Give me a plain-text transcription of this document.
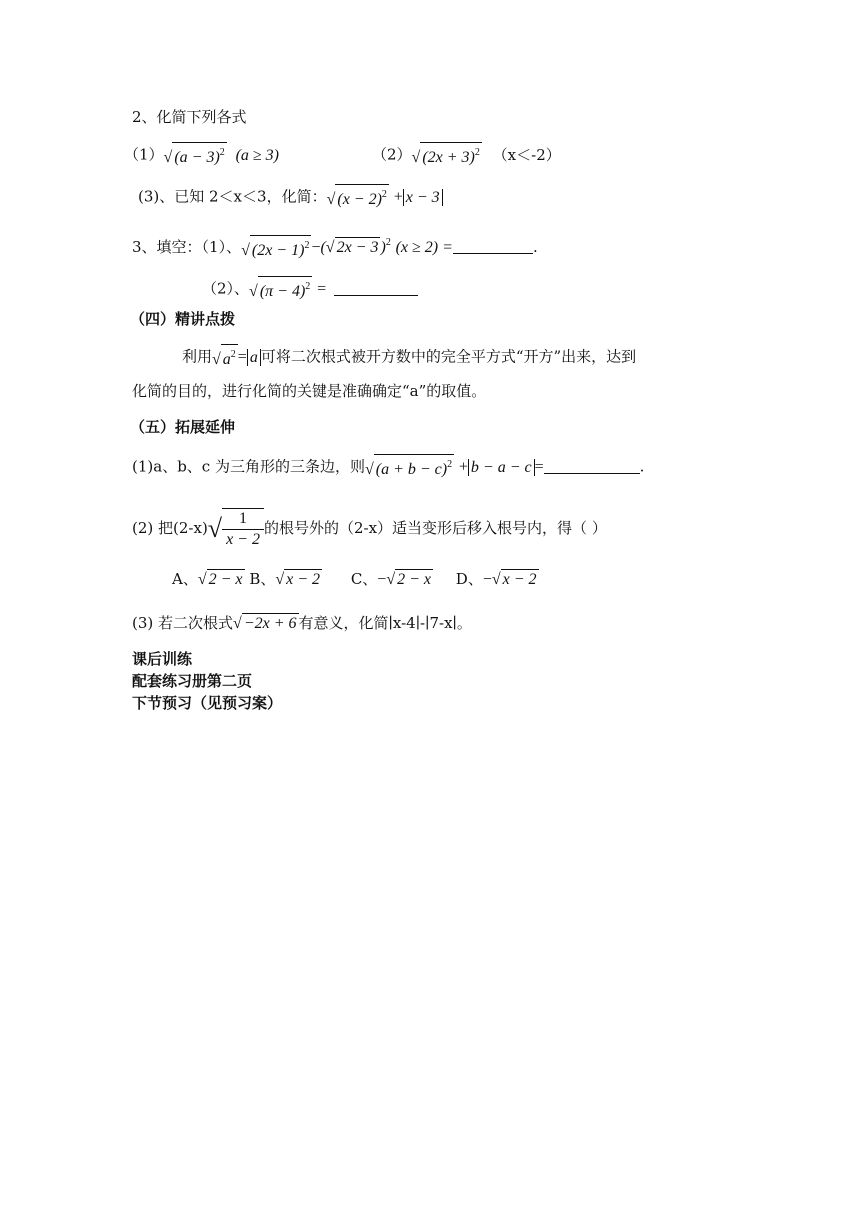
2、化简下列各式
（1）√ $(a - 3)^2$ (a ≥ 3)	（2）√ $(2x + 3)^2$ （x＜-2）
(3)、已知 2＜x＜3，化简：√ $(x - 2)^2 + x - 3$
3、填空：（1）、√ $(2x - 1)^2$ −(√ 2x − 3 )$^2$ (x ≥ 2) =	.
（2）、√ $(\pi - 4)^2$ =
（四）精讲点拨
利用√ $a^2 = a$ 可将二次根式被开方数中的完全平方式“开方”出来，达到
化简的目的，进行化简的关键是准确确定“a”的取值。
（五）拓展延伸
(1)a、b、c 为三角形的三条边，则√ $(a + b - c)^2 + b - a - c$ =	.
(2) 把$(2-x)√ \frac{1}{x - 2}$ 的根号外的（2-x）适当变形后移入根号内，得（ ）
A、√ 2 − x B、√ x − 2 C、−√ 2 − x D、−√ x − 2
(3) 若二次根式√ −2x + 6 有意义，化简∣x-4∣-∣7-x∣。
课后训练
配套练习册第二页
下节预习（见预习案）
